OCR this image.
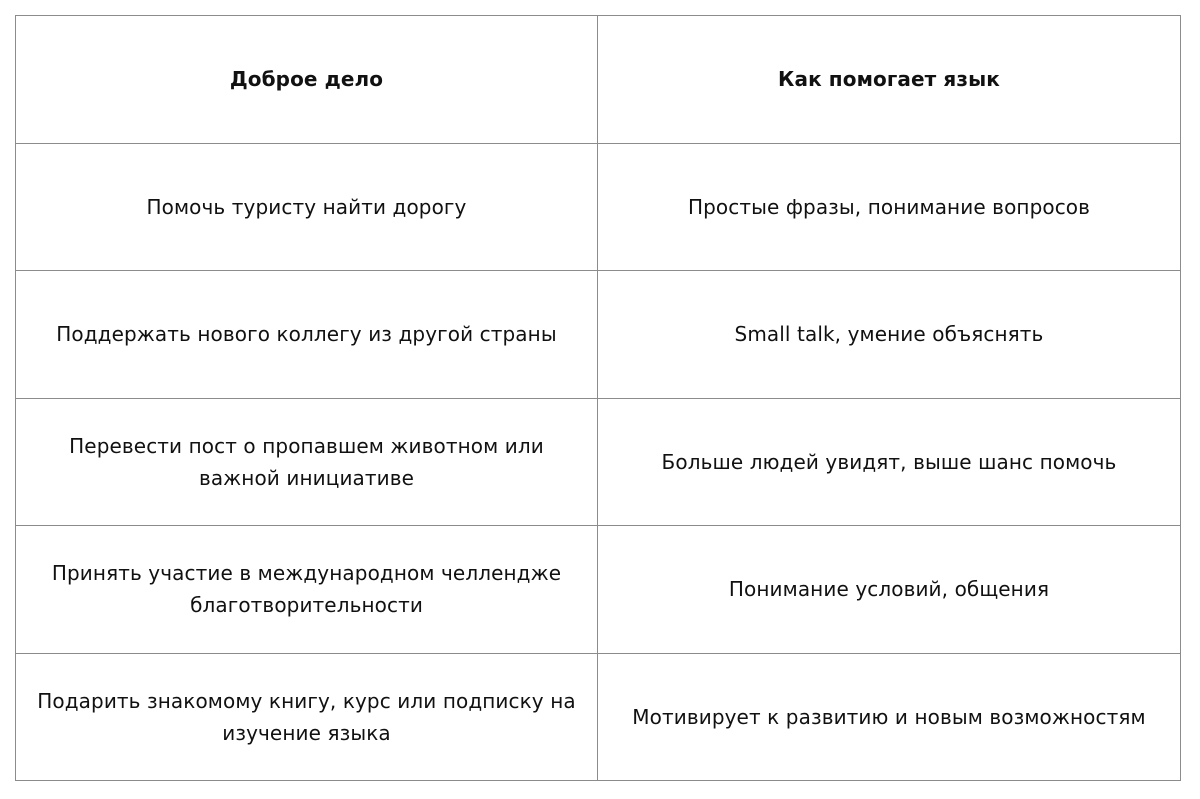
Доброе дело	Как помогает язык
Помочь туристу найти дорогу	Простые фразы, понимание вопросов
Поддержать нового коллегу из другой страны	Small talk, умение объяснять
Перевести пост о пропавшем животном или важной инициативе	Больше людей увидят, выше шанс помочь
Принять участие в международном челлендже благотворительности	Понимание условий, общения
Подарить знакомому книгу, курс или подписку на изучение языка	Мотивирует к развитию и новым возможностям
